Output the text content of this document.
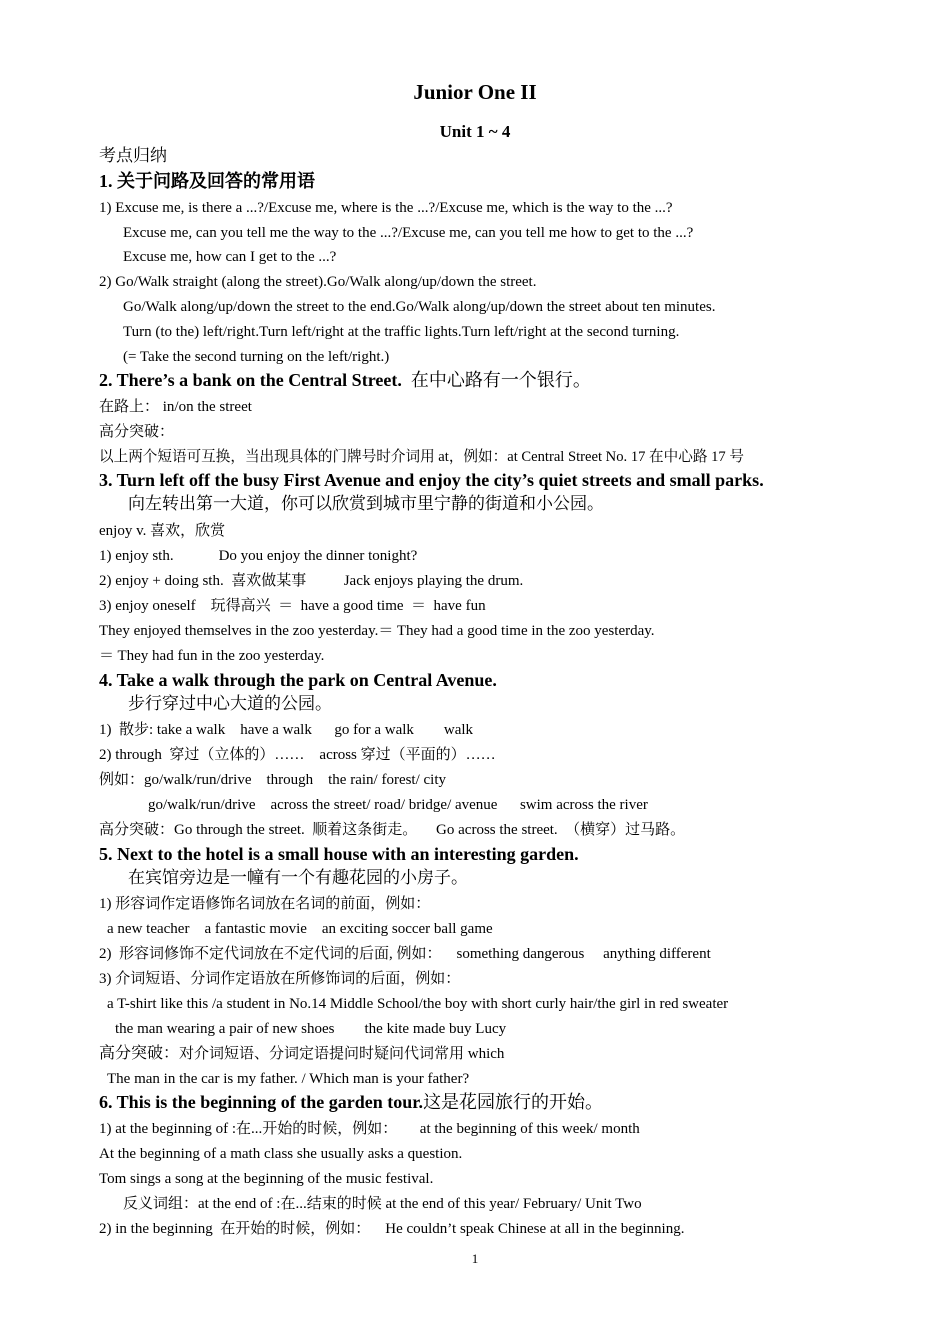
Junior One II
Unit 1 ~ 4
考点归纳
1. 关于问路及回答的常用语
1) Excuse me, is there a ...?/Excuse me, where is the ...?/Excuse me, which is the way to the ...?
Excuse me, can you tell me the way to the ...?/Excuse me, can you tell me how to get to the ...?
Excuse me, how can I get to the ...?
2) Go/Walk straight (along the street).Go/Walk along/up/down the street.
Go/Walk along/up/down the street to the end.Go/Walk along/up/down the street about ten minutes.
Turn (to the) left/right.Turn left/right at the traffic lights.Turn left/right at the second turning.
(= Take the second turning on the left/right.)
2. There’s a bank on the Central Street. 在中心路有一个银行。
在路上： in/on the street
高分突破：
以上两个短语可互换，当出现具体的门牌号时介词用 at，例如：at Central Street No. 17 在中心路 17 号
3. Turn left off the busy First Avenue and enjoy the city’s quiet streets and small parks.
向左转出第一大道，你可以欣赏到城市里宁静的街道和小公园。
enjoy v. 喜欢，欣赏
1) enjoy sth.            Do you enjoy the dinner tonight?
2) enjoy + doing sth.  喜欢做某事          Jack enjoys playing the drum.
3) enjoy oneself    玩得高兴  ＝  have a good time  ＝  have fun
They enjoyed themselves in the zoo yesterday.＝ They had a good time in the zoo yesterday.
＝ They had fun in the zoo yesterday.
4. Take a walk through the park on Central Avenue.
步行穿过中心大道的公园。
1)  散步: take a walk    have a walk      go for a walk        walk
2) through  穿过（立体的）……    across 穿过（平面的）……
例如：go/walk/run/drive    through    the rain/ forest/ city
go/walk/run/drive    across the street/ road/ bridge/ avenue      swim across the river
高分突破：Go through the street.  顺着这条街走。     Go across the street.  （横穿）过马路。
5. Next to the hotel is a small house with an interesting garden.
在宾馆旁边是一幢有一个有趣花园的小房子。
1) 形容词作定语修饰名词放在名词的前面，例如：
a new teacher    a fantastic movie    an exciting soccer ball game
2)  形容词修饰不定代词放在不定代词的后面, 例如：    something dangerous     anything different
3) 介词短语、分词作定语放在所修饰词的后面，例如：
a T-shirt like this /a student in No.14 Middle School/the boy with short curly hair/the girl in red sweater
the man wearing a pair of new shoes        the kite made buy Lucy
高分突破：对介词短语、分词定语提问时疑问代词常用 which
The man in the car is my father. / Which man is your father?
6. This is the beginning of the garden tour.这是花园旅行的开始。
1) at the beginning of :在...开始的时候，例如：      at the beginning of this week/ month
At the beginning of a math class she usually asks a question.
Tom sings a song at the beginning of the music festival.
反义词组：at the end of :在...结束的时候 at the end of this year/ February/ Unit Two
2) in the beginning  在开始的时候，例如：    He couldn’t speak Chinese at all in the beginning.
1
